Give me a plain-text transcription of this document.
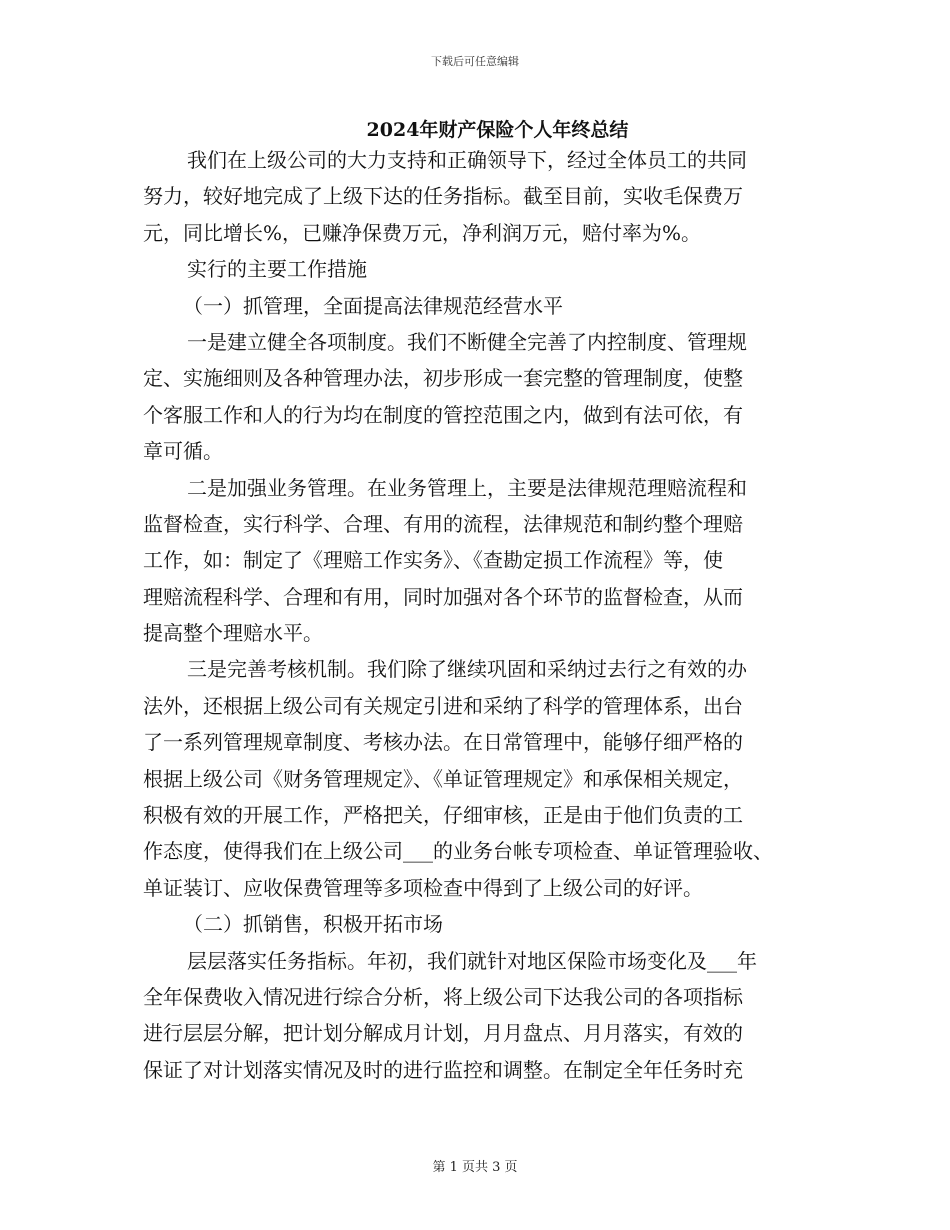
下载后可任意编辑
2024年财产保险个人年终总结
我们在上级公司的大力支持和正确领导下，经过全体员工的共同
努力，较好地完成了上级下达的任务指标。截至目前，实收毛保费万
元，同比增长%，已赚净保费万元，净利润万元，赔付率为%。
实行的主要工作措施
（一）抓管理，全面提高法律规范经营水平
一是建立健全各项制度。我们不断健全完善了内控制度、管理规
定、实施细则及各种管理办法，初步形成一套完整的管理制度，使整
个客服工作和人的行为均在制度的管控范围之内，做到有法可依，有
章可循。
二是加强业务管理。在业务管理上，主要是法律规范理赔流程和
监督检查，实行科学、合理、有用的流程，法律规范和制约整个理赔
工作，如：制定了《理赔工作实务》、《查勘定损工作流程》等，使
理赔流程科学、合理和有用，同时加强对各个环节的监督检查，从而
提高整个理赔水平。
三是完善考核机制。我们除了继续巩固和采纳过去行之有效的办
法外，还根据上级公司有关规定引进和采纳了科学的管理体系，出台
了一系列管理规章制度、考核办法。在日常管理中，能够仔细严格的
根据上级公司《财务管理规定》、《单证管理规定》和承保相关规定，
积极有效的开展工作，严格把关，仔细审核，正是由于他们负责的工
作态度，使得我们在上级公司___的业务台帐专项检查、单证管理验收、
单证装订、应收保费管理等多项检查中得到了上级公司的好评。
（二）抓销售，积极开拓市场
层层落实任务指标。年初，我们就针对地区保险市场变化及___年
全年保费收入情况进行综合分析，将上级公司下达我公司的各项指标
进行层层分解，把计划分解成月计划，月月盘点、月月落实，有效的
保证了对计划落实情况及时的进行监控和调整。在制定全年任务时充
第 1 页共 3 页
